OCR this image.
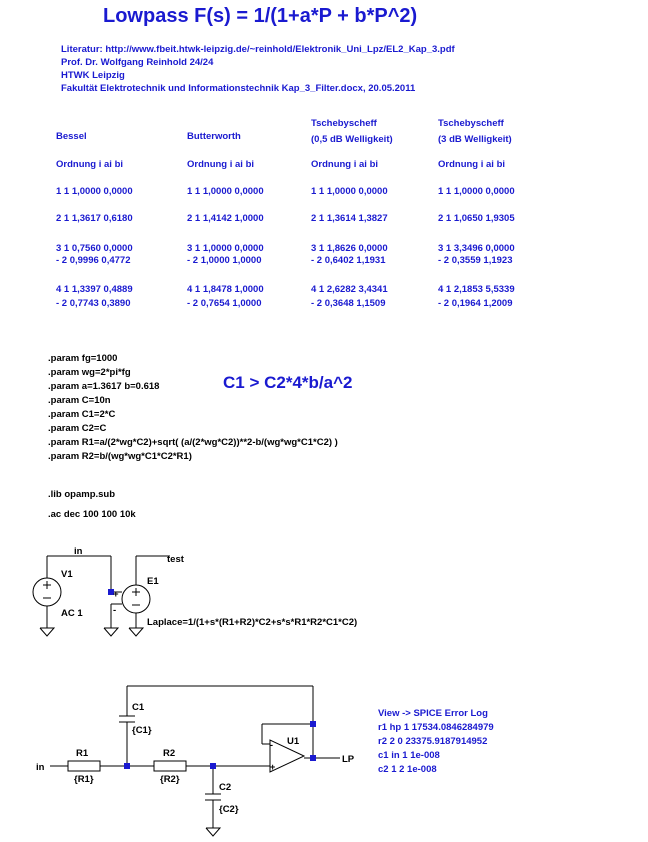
Lowpass F(s) = 1/(1+a*P + b*P^2)
Literatur: http://www.fbeit.htwk-leipzig.de/~reinhold/Elektronik_Uni_Lpz/EL2_Kap_3.pdf
Prof. Dr. Wolfgang Reinhold 24/24
HTWK Leipzig
Fakultät Elektrotechnik und Informationstechnik Kap_3_Filter.docx, 20.05.2011
Bessel
Ordnung i ai bi
1 1 1,0000 0,0000
2 1 1,3617 0,6180
3 1 0,7560 0,0000
- 2 0,9996 0,4772
4 1 1,3397 0,4889
- 2 0,7743 0,3890
Butterworth
Ordnung i ai bi
1 1 1,0000 0,0000
2 1 1,4142 1,0000
3 1 1,0000 0,0000
- 2 1,0000 1,0000
4 1 1,8478 1,0000
- 2 0,7654 1,0000
Tschebyscheff
(0,5 dB Welligkeit)
Ordnung i ai bi
1 1 1,0000 0,0000
2 1 1,3614 1,3827
3 1 1,8626 0,0000
- 2 0,6402 1,1931
4 1 2,6282 3,4341
- 2 0,3648 1,1509
Tschebyscheff
(3 dB Welligkeit)
Ordnung i ai bi
1 1 1,0000 0,0000
2 1 1,0650 1,9305
3 1 3,3496 0,0000
- 2 0,3559 1,1923
4 1 2,1853 5,5339
- 2 0,1964 1,2009
.param fg=1000
.param wg=2*pi*fg
.param a=1.3617 b=0.618
.param C=10n
.param C1=2*C
.param C2=C
.param R1=a/(2*wg*C2)+sqrt( (a/(2*wg*C2))**2-b/(wg*wg*C1*C2) )
.param R2=b/(wg*wg*C1*C2*R1)
C1 > C2*4*b/a^2
.lib opamp.sub
.ac dec 100 100 10k
View -> SPICE Error Log
r1 hp 1 17534.0846284979
r2 2 0 23375.9187914952
c1 in 1 1e-008
c2 1 2 1e-008
in
test
V1
AC 1
E1
+
-
Laplace=1/(1+s*(R1+R2)*C2+s*s*R1*R2*C1*C2)
in
LP
R1
{R1}
R2
{R2}
C1
{C1}
C2
{C2}
U1
-
+
